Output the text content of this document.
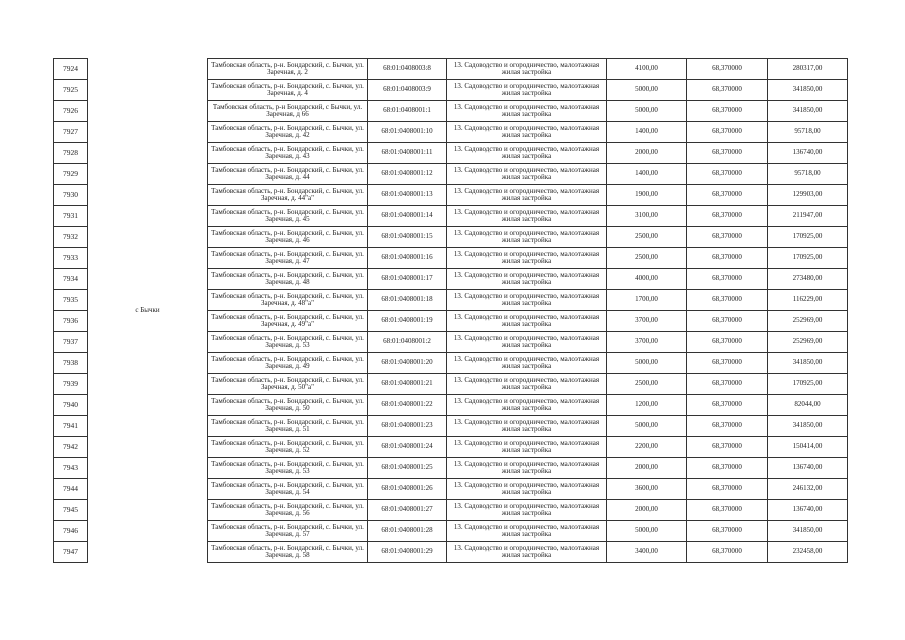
7924	с Бычки	Тамбовская область, р-н. Бондарский, с. Бычки, ул. Заречная, д. 2	68:01:0408003:8	13. Садоводство и огородничество, малоэтажная жилая застройка	4100,00	68,370000	280317,00
7925		Тамбовская область, р-н. Бондарский, с. Бычки, ул. Заречная, д. 4	68:01:0408003:9	13. Садоводство и огородничество, малоэтажная жилая застройка	5000,00	68,370000	341850,00
7926		Тамбовская область, р-н Бондарский, с Бычки, ул. Заречная, д 66	68:01:0408001:1	13. Садоводство и огородничество, малоэтажная жилая застройка	5000,00	68,370000	341850,00
7927		Тамбовская область, р-н. Бондарский, с. Бычки, ул. Заречная, д. 42	68:01:0408001:10	13. Садоводство и огородничество, малоэтажная жилая застройка	1400,00	68,370000	95718,00
7928		Тамбовская область, р-н. Бондарский, с. Бычки, ул. Заречная, д. 43	68:01:0408001:11	13. Садоводство и огородничество, малоэтажная жилая застройка	2000,00	68,370000	136740,00
7929		Тамбовская область, р-н. Бондарский, с. Бычки, ул. Заречная, д. 44	68:01:0408001:12	13. Садоводство и огородничество, малоэтажная жилая застройка	1400,00	68,370000	95718,00
7930		Тамбовская область, р-н. Бондарский, с. Бычки, ул. Заречная, д. 44"а"	68:01:0408001:13	13. Садоводство и огородничество, малоэтажная жилая застройка	1900,00	68,370000	129903,00
7931		Тамбовская область, р-н. Бондарский, с. Бычки, ул. Заречная, д. 45	68:01:0408001:14	13. Садоводство и огородничество, малоэтажная жилая застройка	3100,00	68,370000	211947,00
7932		Тамбовская область, р-н. Бондарский, с. Бычки, ул. Заречная, д. 46	68:01:0408001:15	13. Садоводство и огородничество, малоэтажная жилая застройка	2500,00	68,370000	170925,00
7933		Тамбовская область, р-н. Бондарский, с. Бычки, ул. Заречная, д. 47	68:01:0408001:16	13. Садоводство и огородничество, малоэтажная жилая застройка	2500,00	68,370000	170925,00
7934		Тамбовская область, р-н. Бондарский, с. Бычки, ул. Заречная, д. 48	68:01:0408001:17	13. Садоводство и огородничество, малоэтажная жилая застройка	4000,00	68,370000	273480,00
7935		Тамбовская область, р-н. Бондарский, с. Бычки, ул. Заречная, д. 48"а"	68:01:0408001:18	13. Садоводство и огородничество, малоэтажная жилая застройка	1700,00	68,370000	116229,00
7936		Тамбовская область, р-н. Бондарский, с. Бычки, ул. Заречная, д. 49"а"	68:01:0408001:19	13. Садоводство и огородничество, малоэтажная жилая застройка	3700,00	68,370000	252969,00
7937		Тамбовская область, р-н. Бондарский, с. Бычки, ул. Заречная, д. 53	68:01:0408001:2	13. Садоводство и огородничество, малоэтажная жилая застройка	3700,00	68,370000	252969,00
7938		Тамбовская область, р-н. Бондарский, с. Бычки, ул. Заречная, д. 49	68:01:0408001:20	13. Садоводство и огородничество, малоэтажная жилая застройка	5000,00	68,370000	341850,00
7939		Тамбовская область, р-н. Бондарский, с. Бычки, ул. Заречная, д. 50"а"	68:01:0408001:21	13. Садоводство и огородничество, малоэтажная жилая застройка	2500,00	68,370000	170925,00
7940		Тамбовская область, р-н. Бондарский, с. Бычки, ул. Заречная, д. 50	68:01:0408001:22	13. Садоводство и огородничество, малоэтажная жилая застройка	1200,00	68,370000	82044,00
7941		Тамбовская область, р-н. Бондарский, с. Бычки, ул. Заречная, д. 51	68:01:0408001:23	13. Садоводство и огородничество, малоэтажная жилая застройка	5000,00	68,370000	341850,00
7942		Тамбовская область, р-н. Бондарский, с. Бычки, ул. Заречная, д. 52	68:01:0408001:24	13. Садоводство и огородничество, малоэтажная жилая застройка	2200,00	68,370000	150414,00
7943		Тамбовская область, р-н. Бондарский, с. Бычки, ул. Заречная, д. 53	68:01:0408001:25	13. Садоводство и огородничество, малоэтажная жилая застройка	2000,00	68,370000	136740,00
7944		Тамбовская область, р-н. Бондарский, с. Бычки, ул. Заречная, д. 54	68:01:0408001:26	13. Садоводство и огородничество, малоэтажная жилая застройка	3600,00	68,370000	246132,00
7945		Тамбовская область, р-н. Бондарский, с. Бычки, ул. Заречная, д. 56	68:01:0408001:27	13. Садоводство и огородничество, малоэтажная жилая застройка	2000,00	68,370000	136740,00
7946		Тамбовская область, р-н. Бондарский, с. Бычки, ул. Заречная, д. 57	68:01:0408001:28	13. Садоводство и огородничество, малоэтажная жилая застройка	5000,00	68,370000	341850,00
7947		Тамбовская область, р-н. Бондарский, с. Бычки, ул. Заречная, д. 58	68:01:0408001:29	13. Садоводство и огородничество, малоэтажная жилая застройка	3400,00	68,370000	232458,00
